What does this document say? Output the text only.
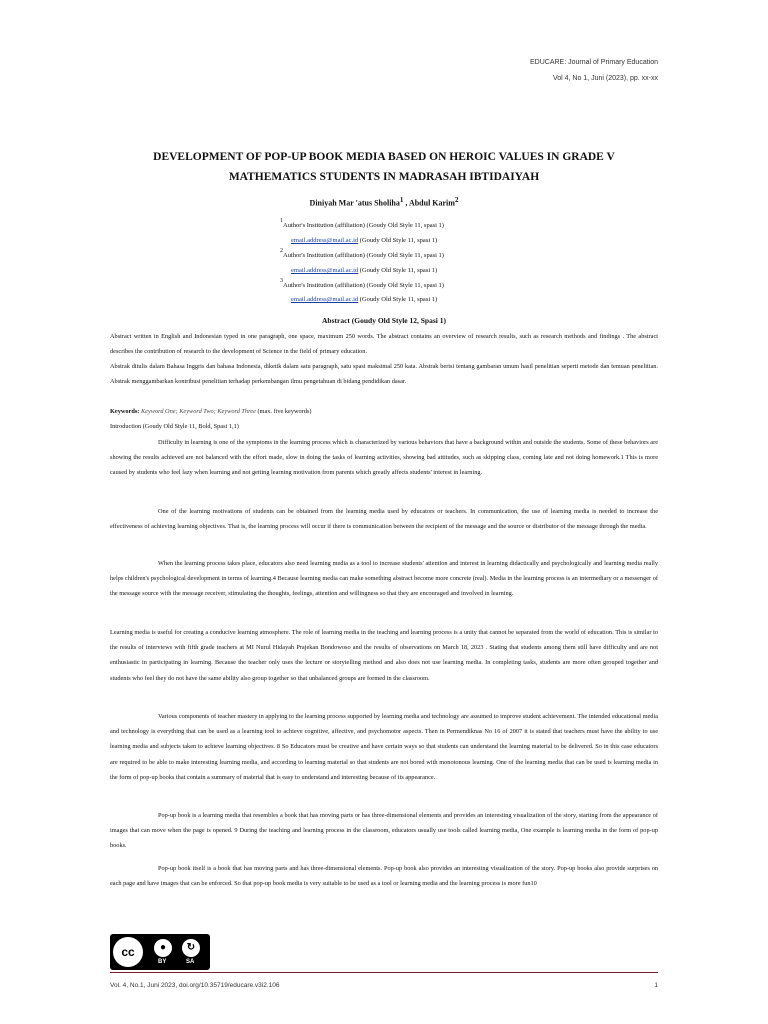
EDUCARE: Journal of Primary Education
Vol 4, No 1, Juni (2023), pp. xx-xx
DEVELOPMENT OF POP-UP BOOK MEDIA BASED ON HEROIC VALUES IN GRADE V
MATHEMATICS STUDENTS IN MADRASAH IBTIDAIYAH
Diniyah Mar 'atus Sholiha$^1$ , Abdul Karim$^2$
$^1$Author's Institution (affiliation) (Goudy Old Style 11, spasi 1)
email.address@mail.ac.id (Goudy Old Style 11, spasi 1)
$^2$Author's Institution (affiliation) (Goudy Old Style 11, spasi 1)
email.address@mail.ac.id (Goudy Old Style 11, spasi 1)
$^3$Author's Institution (affiliation) (Goudy Old Style 11, spasi 1)
email.address@mail.ac.id (Goudy Old Style 11, spasi 1)
Abstract (Goudy Old Style 12, Spasi 1)
Abstract written in English and Indonesian typed in one paragraph, one space, maximum 250 words. The abstract contains an overview of research results, such as research methods and findings . The abstract describes the contribution of research to the development of Science in the field of primary education.
Abstrak ditulis dalam Bahasa Inggris dan bahasa Indonesia, diketik dalam satu paragraph, satu spasi maksimal 250 kata. Abstrak berisi tentang gambaran umum hasil penelitian seperti metode dan temuan penelitian. Abstrak menggambarkan kontribusi penelitian terhadap perkembangan ilmu pengetahuan di bidang pendidikan dasar.
Keywords: Keyword One; Keyword Two; Keyword Three (max. five keywords)
Introduction (Goudy Old Style 11, Bold, Spasi 1,1)
Difficulty in learning is one of the symptoms in the learning process which is characterized by various behaviors that have a background within and outside the students. Some of these behaviors are showing the results achieved are not balanced with the effort made, slow in doing the tasks of learning activities, showing bad attitudes, such as skipping class, coming late and not doing homework.1 This is more caused by students who feel lazy when learning and not getting learning motivation from parents which greatly affects students' interest in learning.
One of the learning motivations of students can be obtained from the learning media used by educators or teachers. In communication, the use of learning media is needed to increase the effectiveness of achieving learning objectives. That is, the learning process will occur if there is communication between the recipient of the message and the source or distributor of the message through the media.
When the learning process takes place, educators also need learning media as a tool to increase students' attention and interest in learning didactically and psychologically and learning media really helps children's psychological development in terms of learning.4 Because learning media can make something abstract become more concrete (real). Media in the learning process is an intermediary or a messenger of the message source with the message receiver, stimulating the thoughts, feelings, attention and willingness so that they are encouraged and involved in learning.
Learning media is useful for creating a conducive learning atmosphere. The role of learning media in the teaching and learning process is a unity that cannot be separated from the world of education. This is similar to the results of interviews with fifth grade teachers at MI Nurul Hidayah Prajekan Bondowoso and the results of observations on March 18, 2023 . Stating that students among them still have difficulty and are not enthusiastic in participating in learning. Because the teacher only uses the lecture or storytelling method and also does not use learning media. In completing tasks, students are more often grouped together and students who feel they do not have the same ability also group together so that unbalanced groups are formed in the classroom.
Various components of teacher mastery in applying to the learning process supported by learning media and technology are assumed to improve student achievement. The intended educational media and technology is everything that can be used as a learning tool to achieve cognitive, affective, and psychomotor aspects. Then in Permendiknas No 16 of 2007 it is stated that teachers must have the ability to use learning media and subjects taken to achieve learning objectives. 8 So Educators must be creative and have certain ways so that students can understand the learning material to be delivered. So in this case educators are required to be able to make interesting learning media, and according to learning material so that students are not bored with monotonous learning. One of the learning media that can be used is learning media in the form of pop-up books that contain a summary of material that is easy to understand and interesting because of its appearance.
Pop-up book is a learning media that resembles a book that has moving parts or has three-dimensional elements and provides an interesting visualization of the story, starting from the appearance of images that can move when the page is opened. 9 During the teaching and learning process in the classroom, educators usually use tools called learning media, One example is learning media in the form of pop-up books.
Pop-up book itself is a book that has moving parts and has three-dimensional elements. Pop-up book also provides an interesting visualization of the story. Pop-up books also provide surprises on each page and have images that can be enforced. So that pop-up book media is very suitable to be used as a tool or learning media and the learning process is more fun10
cc	●	↻
BY	SA
Vol. 4, No.1, Juni 2023, doi.org/10.35719/educare.v3i2.106	1
